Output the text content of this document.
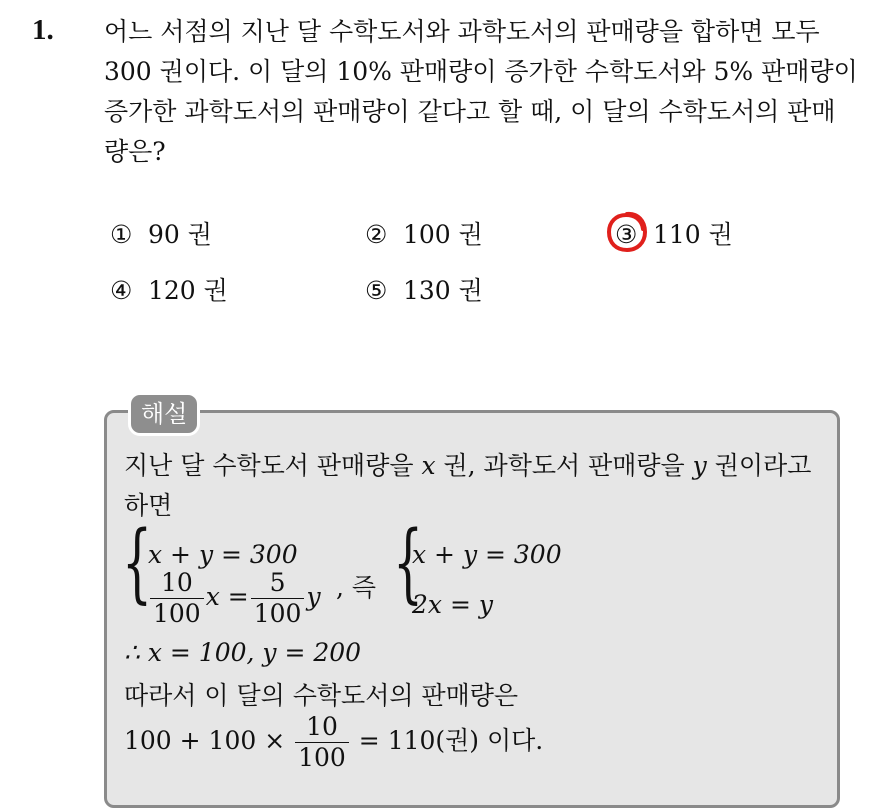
1. 어느 서점의 지난 달 수학도서와 과학도서의 판매량을 합하면 모두
300 권이다. 이 달의 10% 판매량이 증가한 수학도서와 5% 판매량이
증가한 과학도서의 판매량이 같다고 할 때, 이 달의 수학도서의 판매
량은?
① 90 권	② 100 권	③ 110 권
④ 120 권	⑤ 130 권
해설
지난 달 수학도서 판매량을 x 권, 과학도서 판매량을 y 권이라고
하면
{
x + y = 300
$\frac{10}{100}$ $x = \frac{5}{100}$ y , 즉 {
x + y = 300
2x = y
∴ x = 100, y = 200
따라서 이 달의 수학도서의 판매량은
$100 + 100 \times \frac{10}{100} = 110$(권) 이다.
